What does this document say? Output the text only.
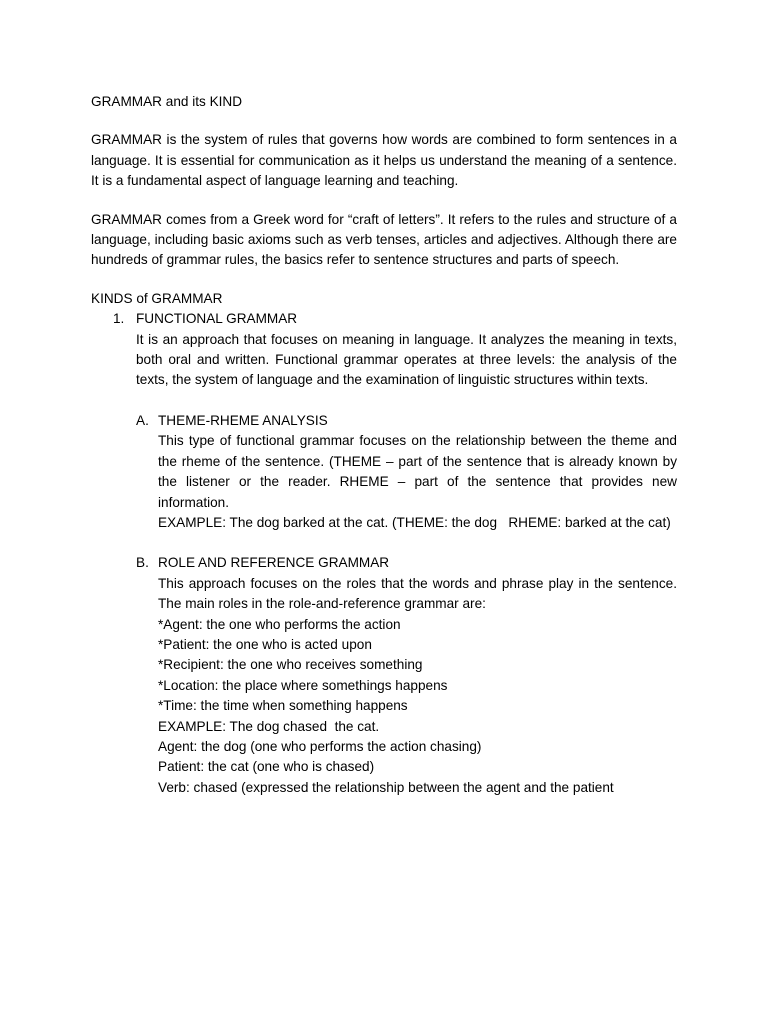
GRAMMAR and its KIND

GRAMMAR is the system of rules that governs how words are combined to form sentences in a language. It is essential for communication as it helps us understand the meaning of a sentence. It is a fundamental aspect of language learning and teaching.

GRAMMAR comes from a Greek word for “craft of letters”. It refers to the rules and structure of a language, including basic axioms such as verb tenses, articles and adjectives. Although there are hundreds of grammar rules, the basics refer to sentence structures and parts of speech.

KINDS of GRAMMAR

1. FUNCTIONAL GRAMMAR

It is an approach that focuses on meaning in language. It analyzes the meaning in texts, both oral and written. Functional grammar operates at three levels: the analysis of the texts, the system of language and the examination of linguistic structures within texts.

A. THEME-RHEME ANALYSIS

This type of functional grammar focuses on the relationship between the theme and the rheme of the sentence. (THEME – part of the sentence that is already known by the listener or the reader. RHEME – part of the sentence that provides new information.

EXAMPLE: The dog barked at the cat. (THEME: the dog   RHEME: barked at the cat)

B. ROLE AND REFERENCE GRAMMAR

This approach focuses on the roles that the words and phrase play in the sentence. The main roles in the role-and-reference grammar are:

*Agent: the one who performs the action

*Patient: the one who is acted upon

*Recipient: the one who receives something

*Location: the place where somethings happens

*Time: the time when something happens

EXAMPLE: The dog chased  the cat.

Agent: the dog (one who performs the action chasing)

Patient: the cat (one who is chased)

Verb: chased (expressed the relationship between the agent and the patient
